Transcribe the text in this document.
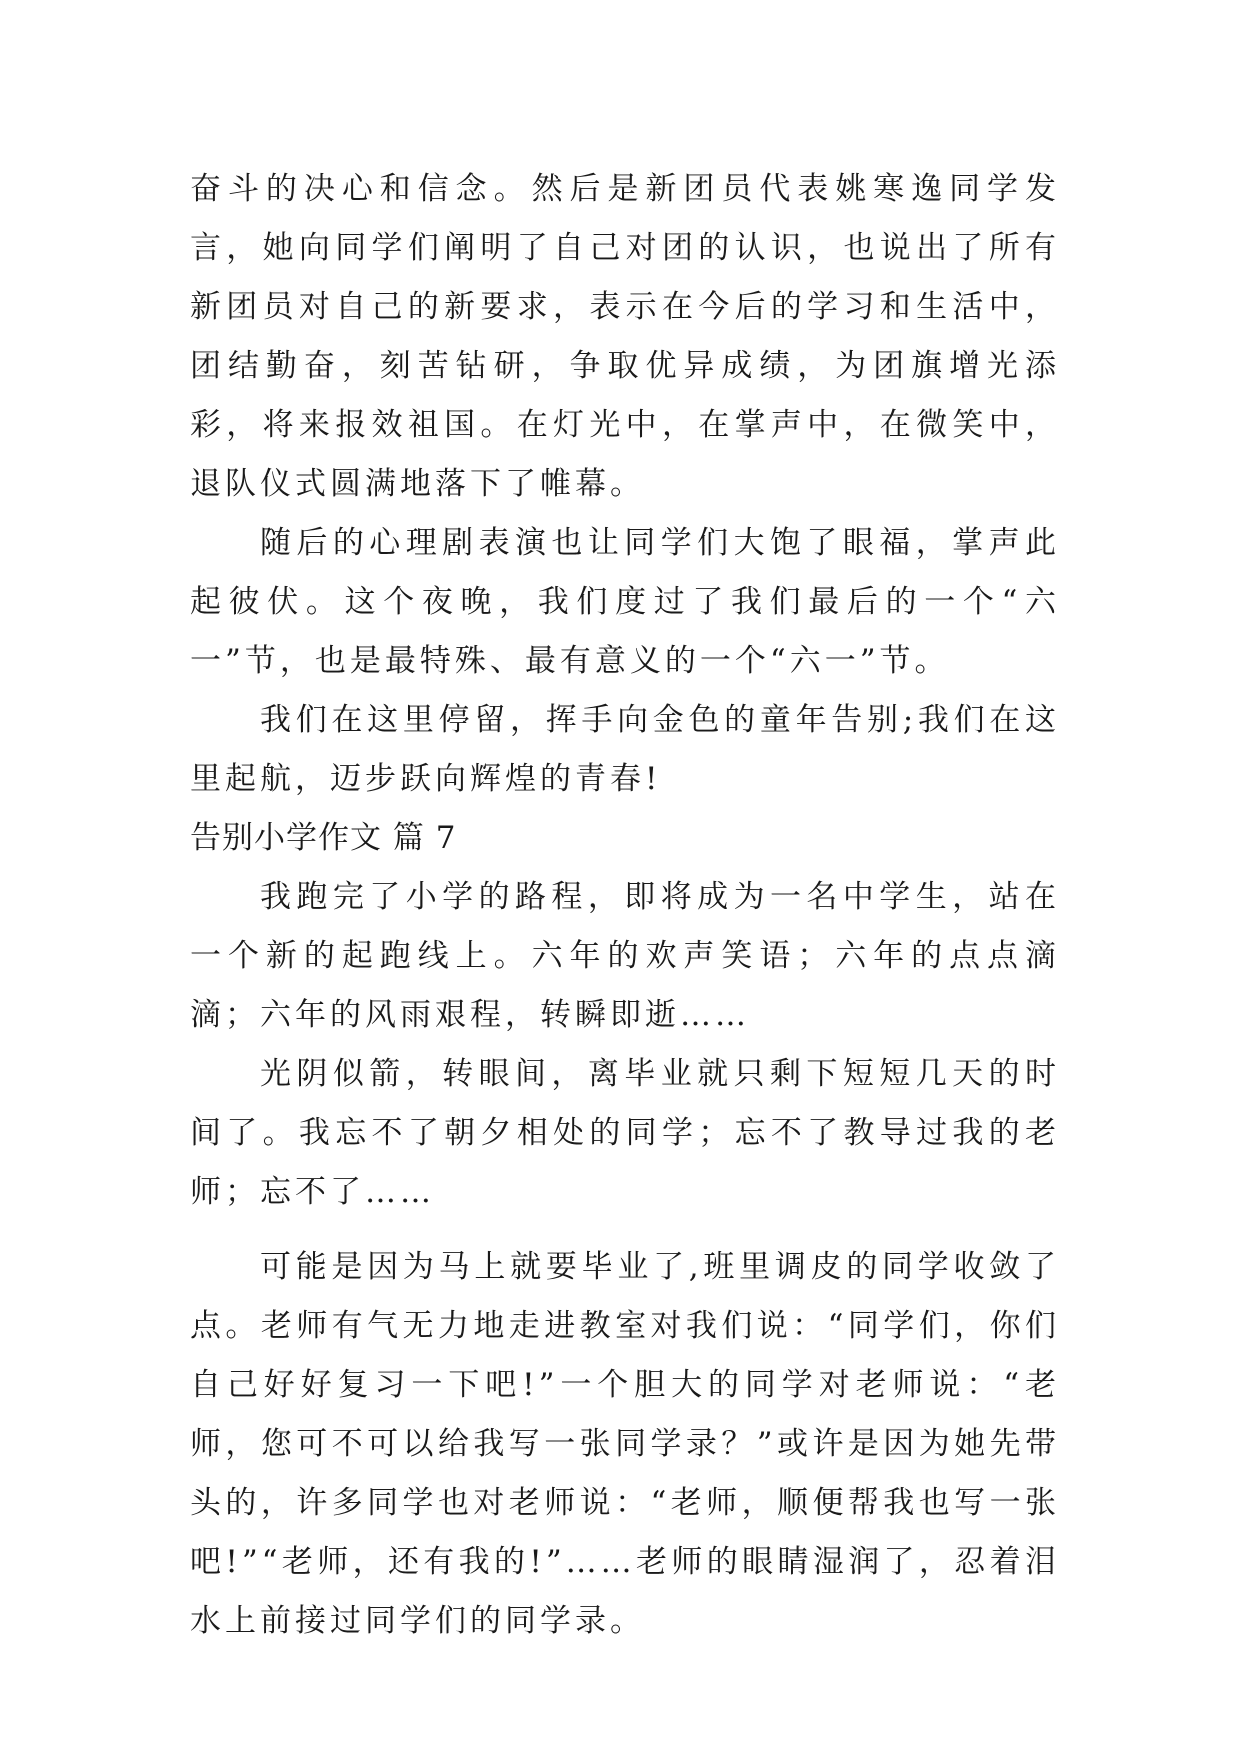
奋斗的决心和信念。然后是新团员代表姚寒逸同学发言，她向同学们阐明了自己对团的认识，也说出了所有新团员对自己的新要求，表示在今后的学习和生活中，团结勤奋，刻苦钻研，争取优异成绩，为团旗增光添彩，将来报效祖国。在灯光中，在掌声中，在微笑中，退队仪式圆满地落下了帷幕。

随后的心理剧表演也让同学们大饱了眼福，掌声此起彼伏。这个夜晚，我们度过了我们最后的一个“六一”节，也是最特殊、最有意义的一个“六一”节。

我们在这里停留，挥手向金色的童年告别;我们在这里起航，迈步跃向辉煌的青春!

告别小学作文 篇 7

我跑完了小学的路程，即将成为一名中学生，站在一个新的起跑线上。六年的欢声笑语；六年的点点滴滴；六年的风雨艰程，转瞬即逝……

光阴似箭，转眼间，离毕业就只剩下短短几天的时间了。我忘不了朝夕相处的同学；忘不了教导过我的老师；忘不了……

可能是因为马上就要毕业了,班里调皮的同学收敛了点。老师有气无力地走进教室对我们说：“同学们，你们自己好好复习一下吧!”一个胆大的同学对老师说：“老师，您可不可以给我写一张同学录？”或许是因为她先带头的，许多同学也对老师说：“老师，顺便帮我也写一张吧!”“老师，还有我的!”……老师的眼睛湿润了，忍着泪水上前接过同学们的同学录。
